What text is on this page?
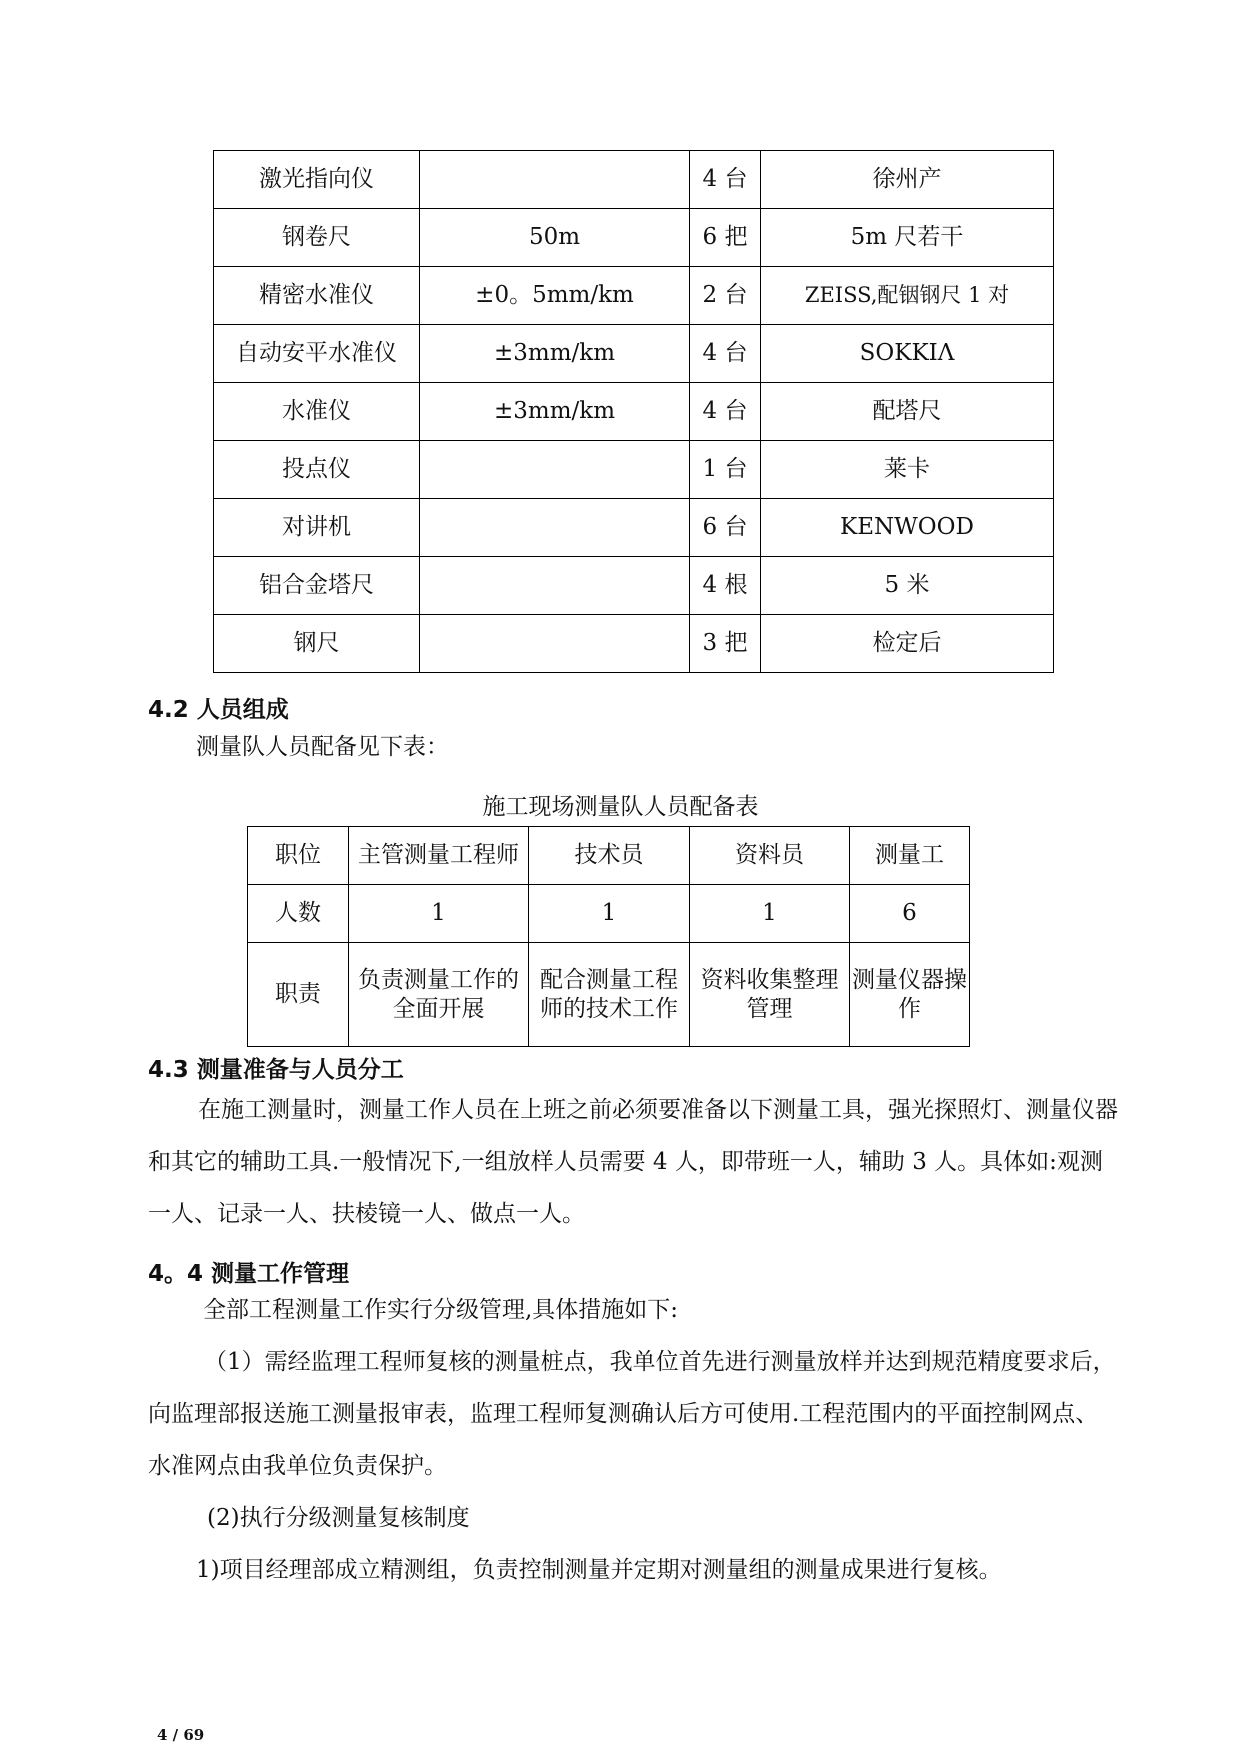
激光指向仪		4 台	徐州产
钢卷尺	50m	6 把	5m 尺若干
精密水准仪	±0。5mm/km	2 台	ZEISS,配铟钢尺 1 对
自动安平水准仪	±3mm/km	4 台	SOKKIΛ
水准仪	±3mm/km	4 台	配塔尺
投点仪		1 台	莱卡
对讲机		6 台	KENWOOD
铝合金塔尺		4 根	5 米
钢尺		3 把	检定后
4.2 人员组成
测量队人员配备见下表：
施工现场测量队人员配备表
职位	主管测量工程师	技术员	资料员	测量工
人数	1	1	1	6
职责	负责测量工作的全面开展	配合测量工程师的技术工作	资料收集整理管理	测量仪器操作
4.3 测量准备与人员分工
在施工测量时，测量工作人员在上班之前必须要准备以下测量工具，强光探照灯、测量仪器和其它的辅助工具.一般情况下,一组放样人员需要 4 人，即带班一人，辅助 3 人。具体如:观测一人、记录一人、扶棱镜一人、做点一人。
4。4 测量工作管理
全部工程测量工作实行分级管理,具体措施如下:
（1）需经监理工程师复核的测量桩点，我单位首先进行测量放样并达到规范精度要求后，向监理部报送施工测量报审表，监理工程师复测确认后方可使用.工程范围内的平面控制网点、水准网点由我单位负责保护。
(2)执行分级测量复核制度
1)项目经理部成立精测组，负责控制测量并定期对测量组的测量成果进行复核。
4 / 69
